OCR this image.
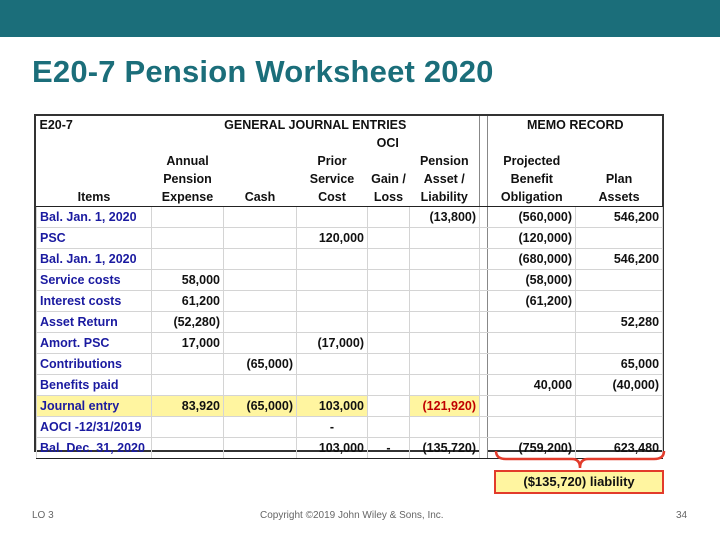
E20-7 Pension Worksheet 2020
E20-7	GENERAL JOURNAL ENTRIES						MEMO RECORD	
			OCI					
	Annual		Prior		Pension		Projected	
	Pension		Service	Gain /	Asset /		Benefit	Plan
Items	Expense	Cash	Cost	Loss	Liability		Obligation	Assets
Bal. Jan. 1, 2020					(13,800)		(560,000)	546,200
PSC			120,000				(120,000)	
Bal. Jan. 1, 2020							(680,000)	546,200
Service costs	58,000						(58,000)	
Interest costs	61,200						(61,200)	
Asset Return	(52,280)							52,280
Amort. PSC	17,000		(17,000)					
Contributions		(65,000)						65,000
Benefits paid							40,000	(40,000)
Journal entry	83,920	(65,000)	103,000		(121,920)			
AOCI -12/31/2019			-					
Bal. Dec. 31, 2020			103,000	-	(135,720)		(759,200)	623,480
($135,720) liability
LO 3	Copyright ©2019 John Wiley & Sons, Inc.	34
